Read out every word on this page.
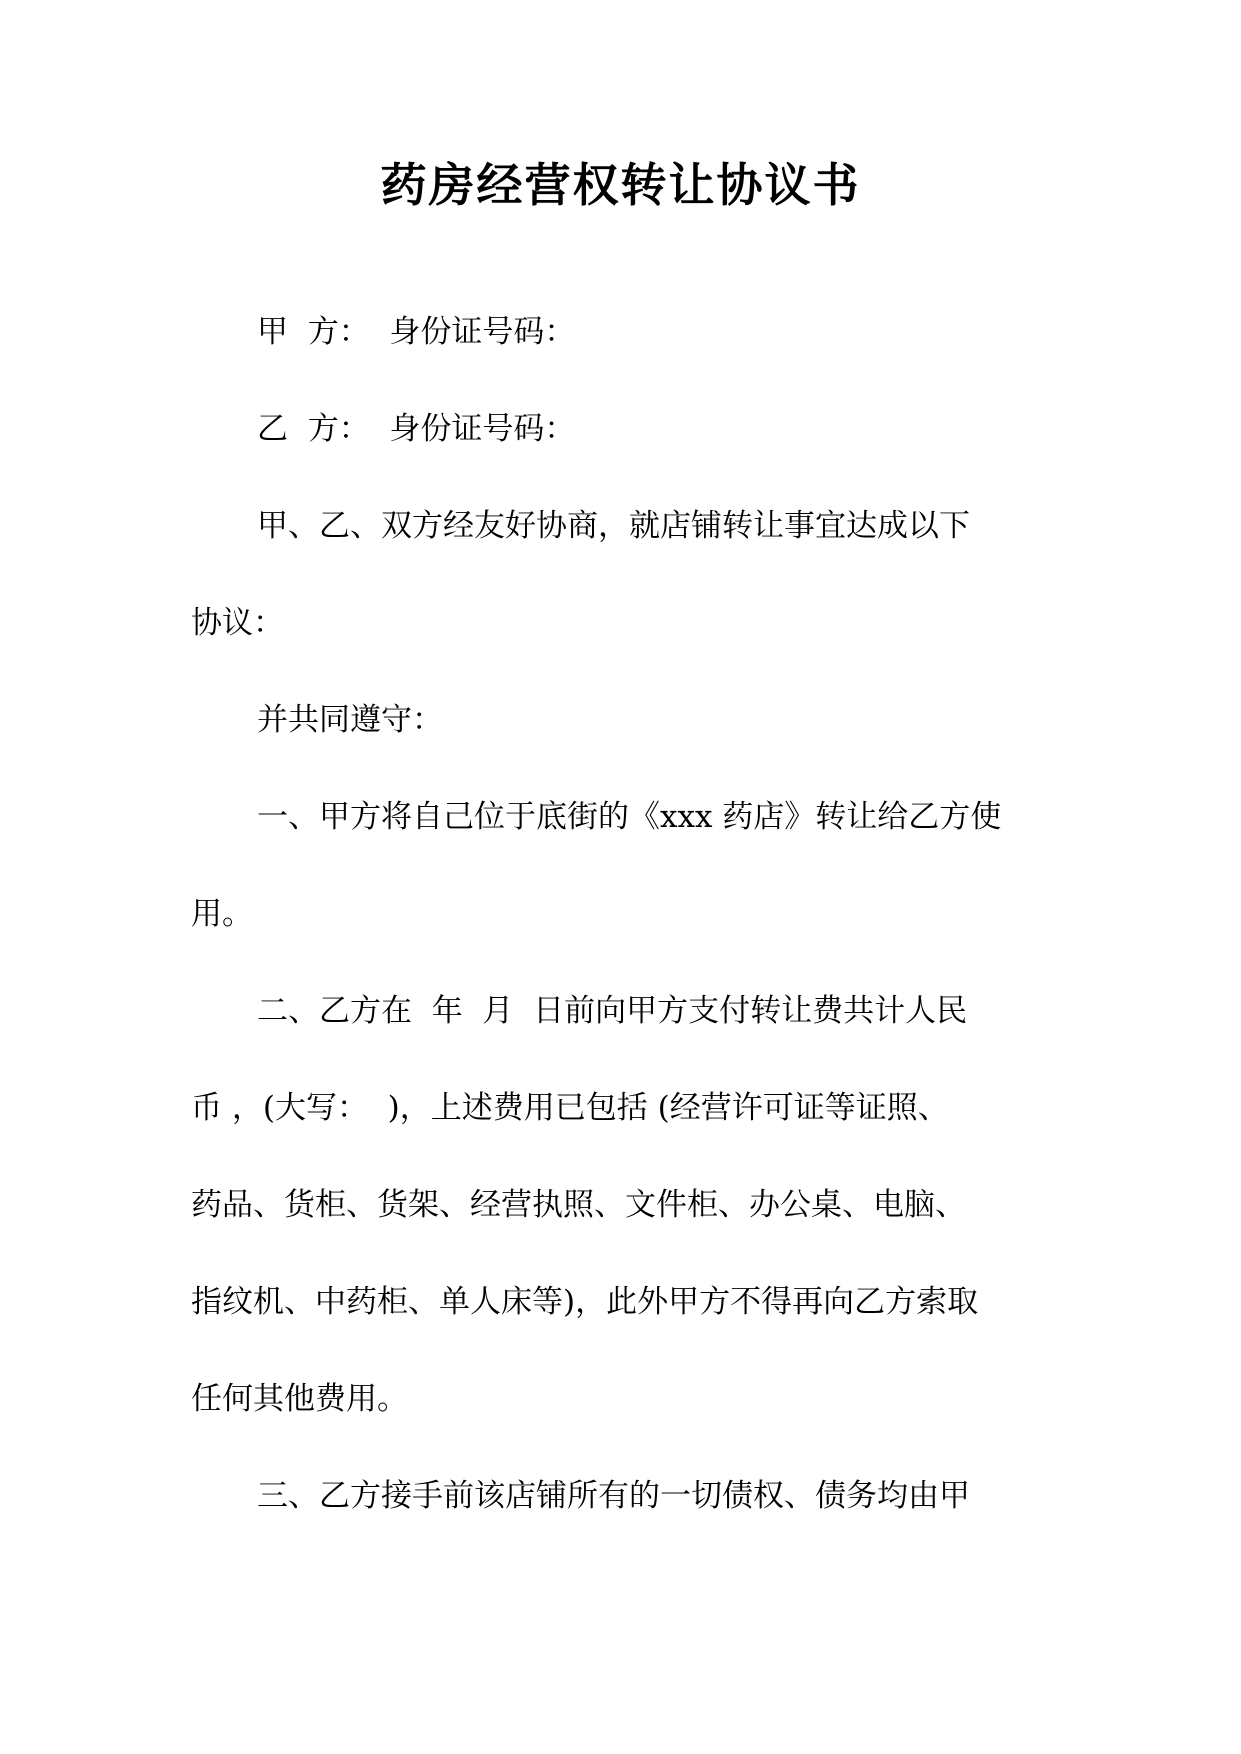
药房经营权转让协议书

甲  方：  身份证号码：

乙  方：  身份证号码：

甲、乙、双方经友好协商，就店铺转让事宜达成以下

协议：

并共同遵守：

一、甲方将自己位于底街的《xxx 药店》转让给乙方使

用。

二、乙方在  年  月  日前向甲方支付转让费共计人民

币 ，(大写：  )，上述费用已包括 (经营许可证等证照、

药品、货柜、货架、经营执照、文件柜、办公桌、电脑、

指纹机、中药柜、单人床等)，此外甲方不得再向乙方索取

任何其他费用。

三、乙方接手前该店铺所有的一切债权、债务均由甲
